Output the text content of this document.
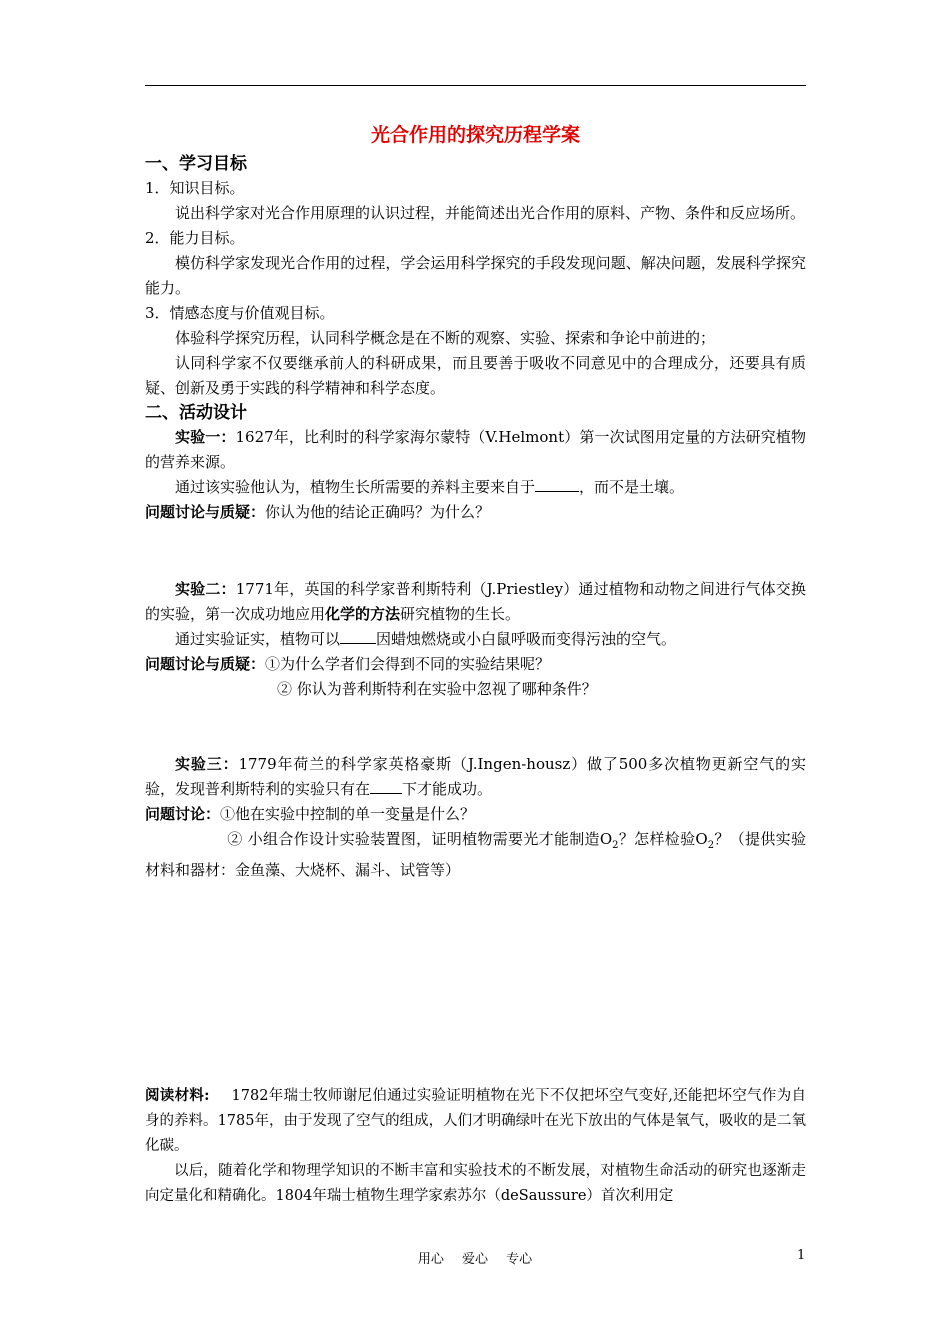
光合作用的探究历程学案
一、学习目标
1．知识目标。
说出科学家对光合作用原理的认识过程，并能简述出光合作用的原料、产物、条件和反应场所。
2．能力目标。
模仿科学家发现光合作用的过程，学会运用科学探究的手段发现问题、解决问题，发展科学探究能力。
3．情感态度与价值观目标。
体验科学探究历程，认同科学概念是在不断的观察、实验、探索和争论中前进的；
认同科学家不仅要继承前人的科研成果，而且要善于吸收不同意见中的合理成分，还要具有质疑、创新及勇于实践的科学精神和科学态度。
二、活动设计
实验一：1627年，比利时的科学家海尔蒙特（V.Helmont）第一次试图用定量的方法研究植物的营养来源。
通过该实验他认为，植物生长所需要的养料主要来自于	，而不是土壤。
问题讨论与质疑：你认为他的结论正确吗？为什么？
实验二：1771年，英国的科学家普利斯特利（J.Priestley）通过植物和动物之间进行气体交换的实验，第一次成功地应用化学的方法研究植物的生长。
通过实验证实，植物可以 因蜡烛燃烧或小白鼠呼吸而变得污浊的空气。
问题讨论与质疑：①为什么学者们会得到不同的实验结果呢？
② 你认为普利斯特利在实验中忽视了哪种条件？
实验三：1779年荷兰的科学家英格豪斯（J.Ingen-housz）做了500多次植物更新空气的实验，发现普利斯特利的实验只有在 下才能成功。
问题讨论：①他在实验中控制的单一变量是什么？
② 小组合作设计实验装置图，证明植物需要光才能制造$O_2$？怎样检验$O_2$？（提供实验材料和器材：金鱼藻、大烧杯、漏斗、试管等）
阅读材料: 1782年瑞士牧师谢尼伯通过实验证明植物在光下不仅把坏空气变好,还能把坏空气作为自身的养料。1785年，由于发现了空气的组成，人们才明确绿叶在光下放出的气体是氧气，吸收的是二氧化碳。
以后，随着化学和物理学知识的不断丰富和实验技术的不断发展，对植物生命活动的研究也逐渐走向定量化和精确化。1804年瑞士植物生理学家索苏尔（deSaussure）首次利用定
用心 爱心 专心	1
